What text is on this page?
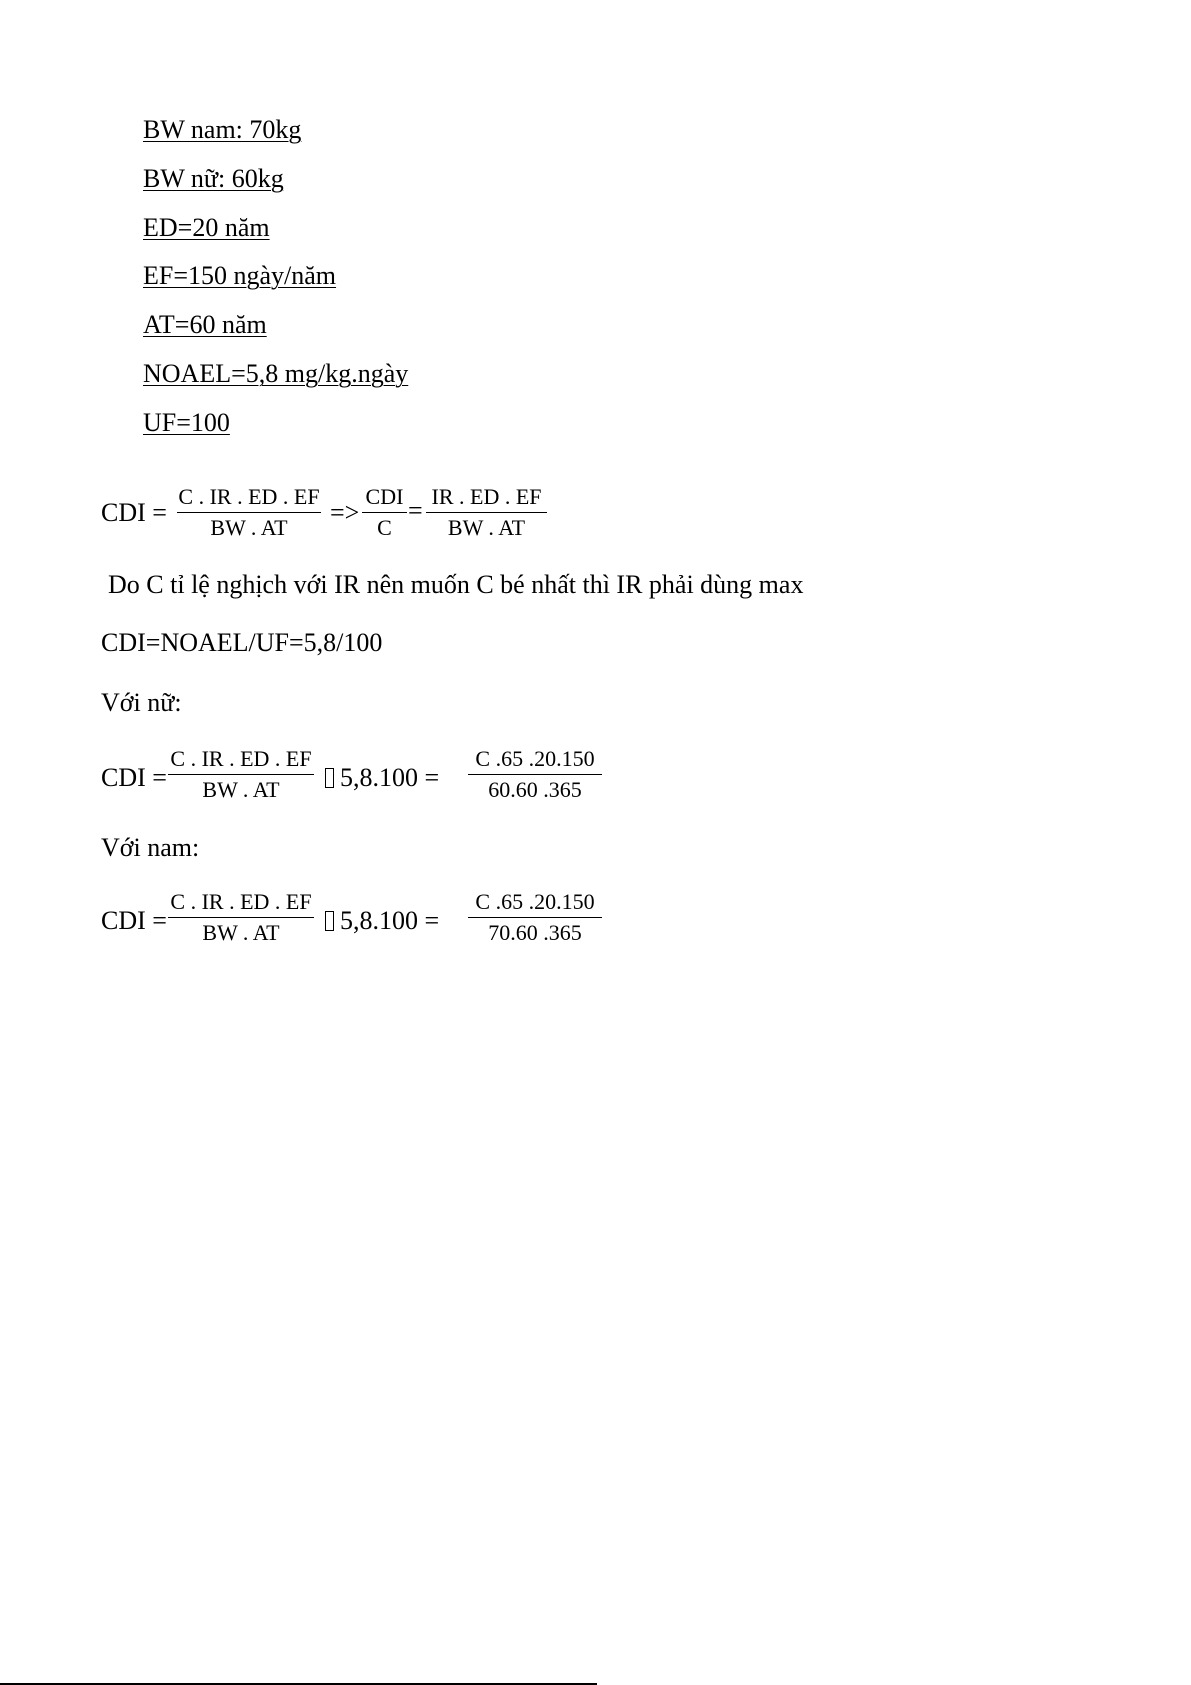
BW nam: 70kg
BW nữ: 60kg
ED=20 năm
EF=150 ngày/năm
AT=60 năm
NOAEL=5,8 mg/kg.ngày
UF=100
CDI =
C . IR . ED . EF
BW . AT
=>
CDI
C
= IR . ED . EF
BW . AT
Do C tỉ lệ nghịch với IR nên muốn C bé nhất thì IR phải dùng max
CDI=NOAEL/UF=5,8/100
Với nữ:
CDI =
C . IR . ED . EF
BW . AT	5,8.100 =
C .65 .20.150
60.60 .365
Với nam:
CDI =
C . IR . ED . EF
BW . AT	5,8.100 =
C .65 .20.150
70.60 .365
